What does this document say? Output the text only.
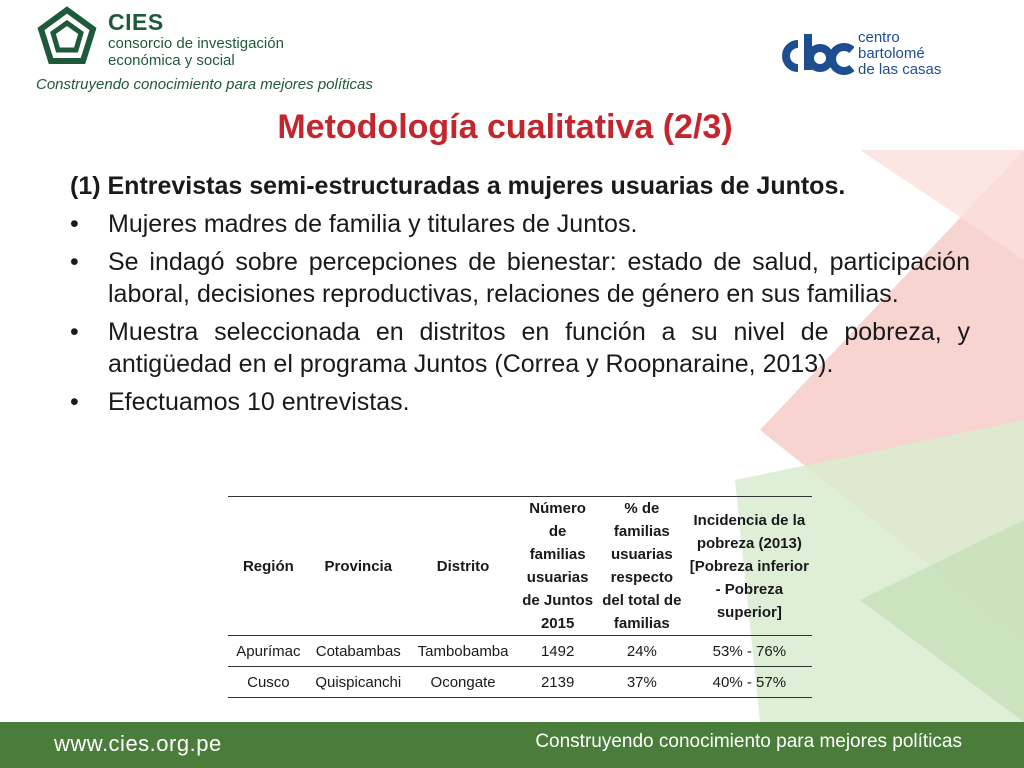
CIES
consorcio de investigación
económica y social
Construyendo conocimiento para mejores políticas
centro
bartolomé
de las casas
Metodología cualitativa (2/3)
(1) Entrevistas semi-estructuradas a mujeres usuarias de Juntos.
•	Mujeres madres de familia y titulares de Juntos.
•	Se indagó sobre percepciones de bienestar: estado de salud, participación laboral, decisiones reproductivas, relaciones de género en sus familias.
•	Muestra seleccionada en distritos en función a su nivel de pobreza, y antigüedad en el programa Juntos (Correa y Roopnaraine, 2013).
•	Efectuamos 10 entrevistas.
Región	Provincia	Distrito	Número de familias usuarias de Juntos 2015	% de familias usuarias respecto del total de familias	Incidencia de la pobreza (2013) [Pobreza inferior - Pobreza superior]
Apurímac	Cotabambas	Tambobamba	1492	24%	53% - 76%
Cusco	Quispicanchi	Ocongate	2139	37%	40% - 57%
www.cies.org.pe	Construyendo conocimiento para mejores políticas
